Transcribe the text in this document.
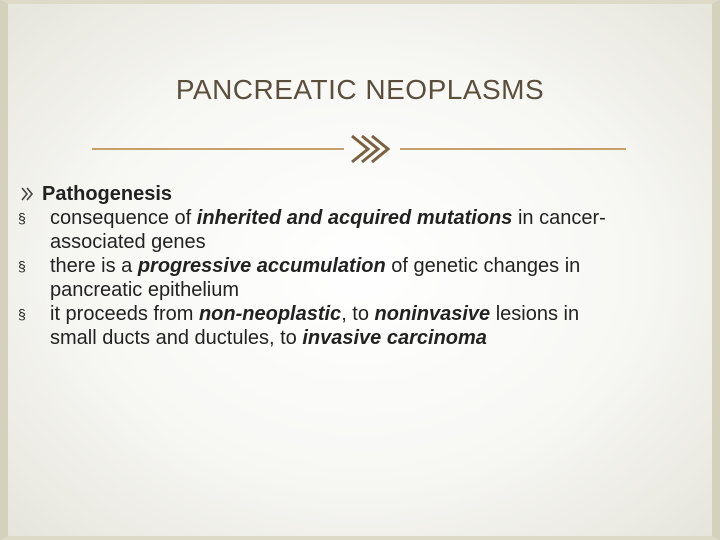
PANCREATIC NEOPLASMS
Pathogenesis
§	consequence of inherited and acquired mutations in cancer-associated genes
§	there is a progressive accumulation of genetic changes in pancreatic epithelium
§	it proceeds from non-neoplastic, to noninvasive lesions in small ducts and ductules, to invasive carcinoma
